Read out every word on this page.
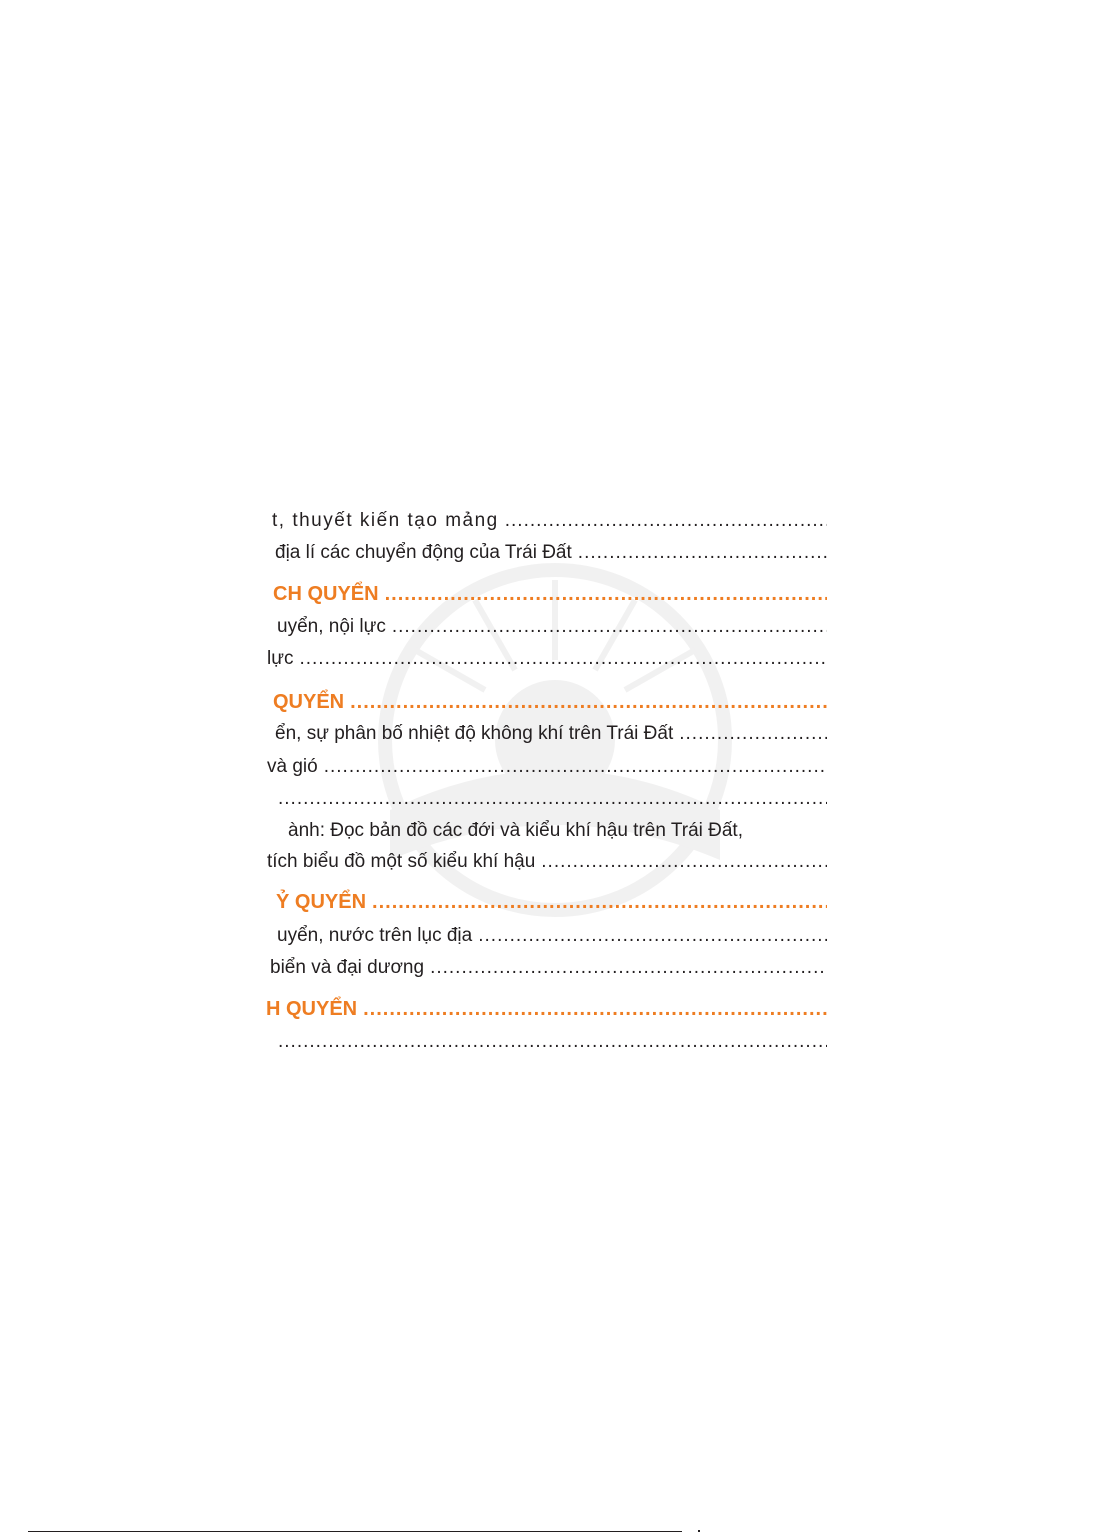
t, thuyết kiến tạo mảng
.....
địa lí các chuyển động của Trái Đất
.....
CH QUYỂN
.....
uyển, nội lực
.....
lực
.....
QUYỂN
.....
ển, sự phân bố nhiệt độ không khí trên Trái Đất
.....
và gió
.....
.....
ành: Đọc bản đồ các đới và kiểu khí hậu trên Trái Đất,
tích biểu đồ một số kiểu khí hậu
.....
Ỷ QUYỂN
.....
uyển, nước trên lục địa
.....
biển và đại dương
.....
H QUYỂN
.....
.....
